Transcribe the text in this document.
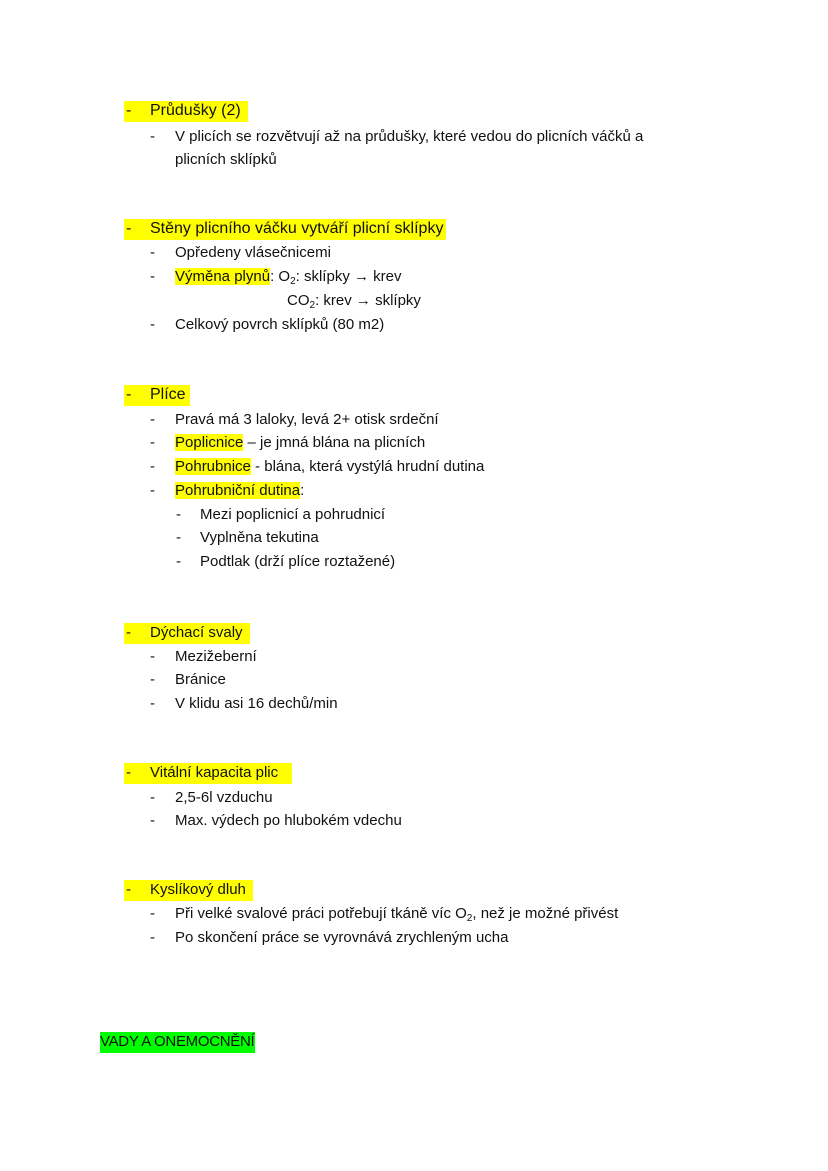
- Průdušky (2)
- V plicích se rozvětvují až na průdušky, které vedou do plicních váčků a
plicních sklípků
- Stěny plicního váčku vytváří plicní sklípky
- Opředeny vlásečnicemi
- Výměna plynů: $O_2$: sklípky → krev
$CO_2$: krev → sklípky
- Celkový povrch sklípků (80 m2)
- Plíce
- Pravá má 3 laloky, levá 2+ otisk srdeční
- Poplicnice – je jmná blána na plicních
- Pohrubnice - blána, která vystýlá hrudní dutina
- Pohrubniční dutina:
- Mezi poplicnicí a pohrudnicí
- Vyplněna tekutina
- Podtlak (drží plíce roztažené)
- Dýchací svaly
- Mezižeberní
- Bránice
- V klidu asi 16 dechů/min
- Vitální kapacita plic
- 2,5-6l vzduchu
- Max. výdech po hlubokém vdechu
- Kyslíkový dluh
- Při velké svalové práci potřebují tkáně víc $O_2$, než je možné přivést
- Po skončení práce se vyrovnává zrychleným ucha
VADY A ONEMOCNĚNÍ
